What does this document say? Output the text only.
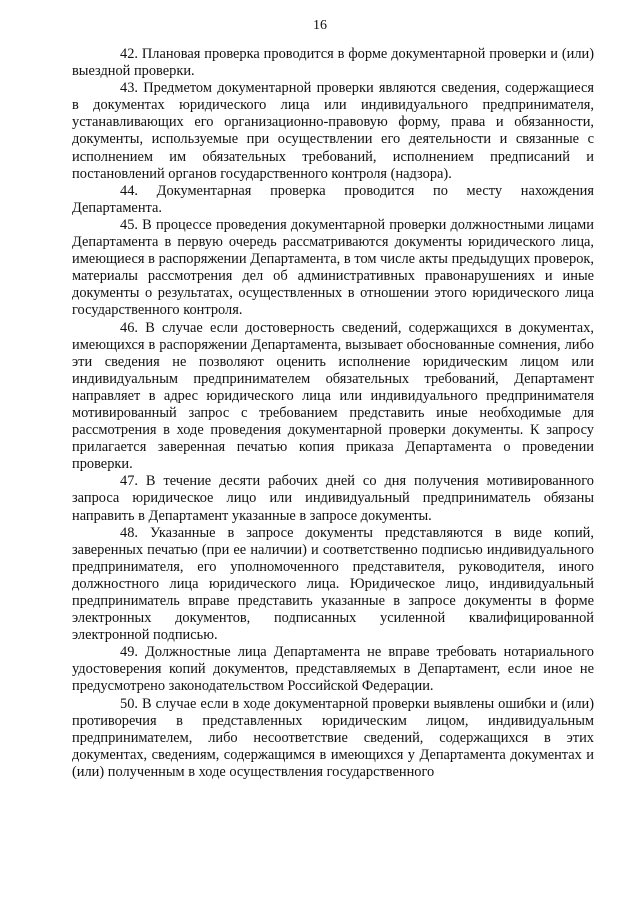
16

42. Плановая проверка проводится в форме документарной проверки и (или) выездной проверки.

43. Предметом документарной проверки являются сведения, содержащиеся в документах юридического лица или индивидуального предпринимателя, устанавливающих его организационно-правовую форму, права и обязанности, документы, используемые при осуществлении его деятельности и связанные с исполнением им обязательных требований, исполнением предписаний и постановлений органов государственного контроля (надзора).

44. Документарная проверка проводится по месту нахождения Департамента.

45. В процессе проведения документарной проверки должностными лицами Департамента в первую очередь рассматриваются документы юридического лица, имеющиеся в распоряжении Департамента, в том числе акты предыдущих проверок, материалы рассмотрения дел об административных правонарушениях и иные документы о результатах, осуществленных в отношении этого юридического лица государственного контроля.

46. В случае если достоверность сведений, содержащихся в документах, имеющихся в распоряжении Департамента, вызывает обоснованные сомнения, либо эти сведения не позволяют оценить исполнение юридическим лицом или индивидуальным предпринимателем обязательных требований, Департамент направляет в адрес юридического лица или индивидуального предпринимателя мотивированный запрос с требованием представить иные необходимые для рассмотрения в ходе проведения документарной проверки документы. К запросу прилагается заверенная печатью копия приказа Департамента о проведении проверки.

47. В течение десяти рабочих дней со дня получения мотивированного запроса юридическое лицо или индивидуальный предприниматель обязаны направить в Департамент указанные в запросе документы.

48. Указанные в запросе документы представляются в виде копий, заверенных печатью (при ее наличии) и соответственно подписью индивидуального предпринимателя, его уполномоченного представителя, руководителя, иного должностного лица юридического лица. Юридическое лицо, индивидуальный предприниматель вправе представить указанные в запросе документы в форме электронных документов, подписанных усиленной квалифицированной электронной подписью.

49. Должностные лица Департамента не вправе требовать нотариального удостоверения копий документов, представляемых в Департамент, если иное не предусмотрено законодательством Российской Федерации.

50. В случае если в ходе документарной проверки выявлены ошибки и (или) противоречия в представленных юридическим лицом, индивидуальным предпринимателем, либо несоответствие сведений, содержащихся в этих документах, сведениям, содержащимся в имеющихся у Департамента документах и (или) полученным в ходе осуществления государственного
